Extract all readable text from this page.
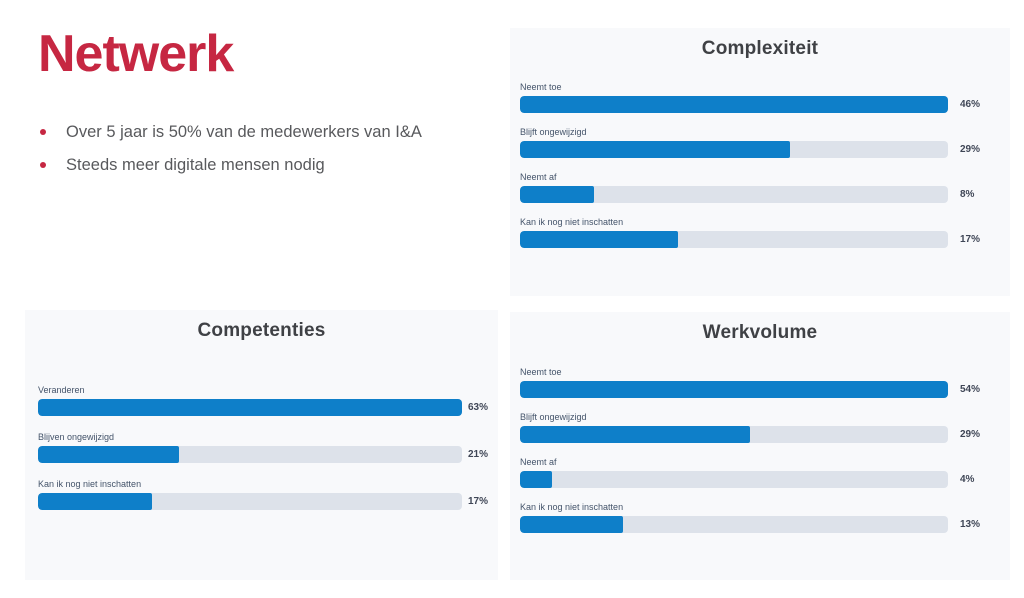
Netwerk
Over 5 jaar is 50% van de medewerkers van I&A
Steeds meer digitale mensen nodig
Complexiteit
Neemt toe
46%
Blijft ongewijzigd
29%
Neemt af
8%
Kan ik nog niet inschatten
17%
Competenties
Veranderen
63%
Blijven ongewijzigd
21%
Kan ik nog niet inschatten
17%
Werkvolume
Neemt toe
54%
Blijft ongewijzigd
29%
Neemt af
4%
Kan ik nog niet inschatten
13%
